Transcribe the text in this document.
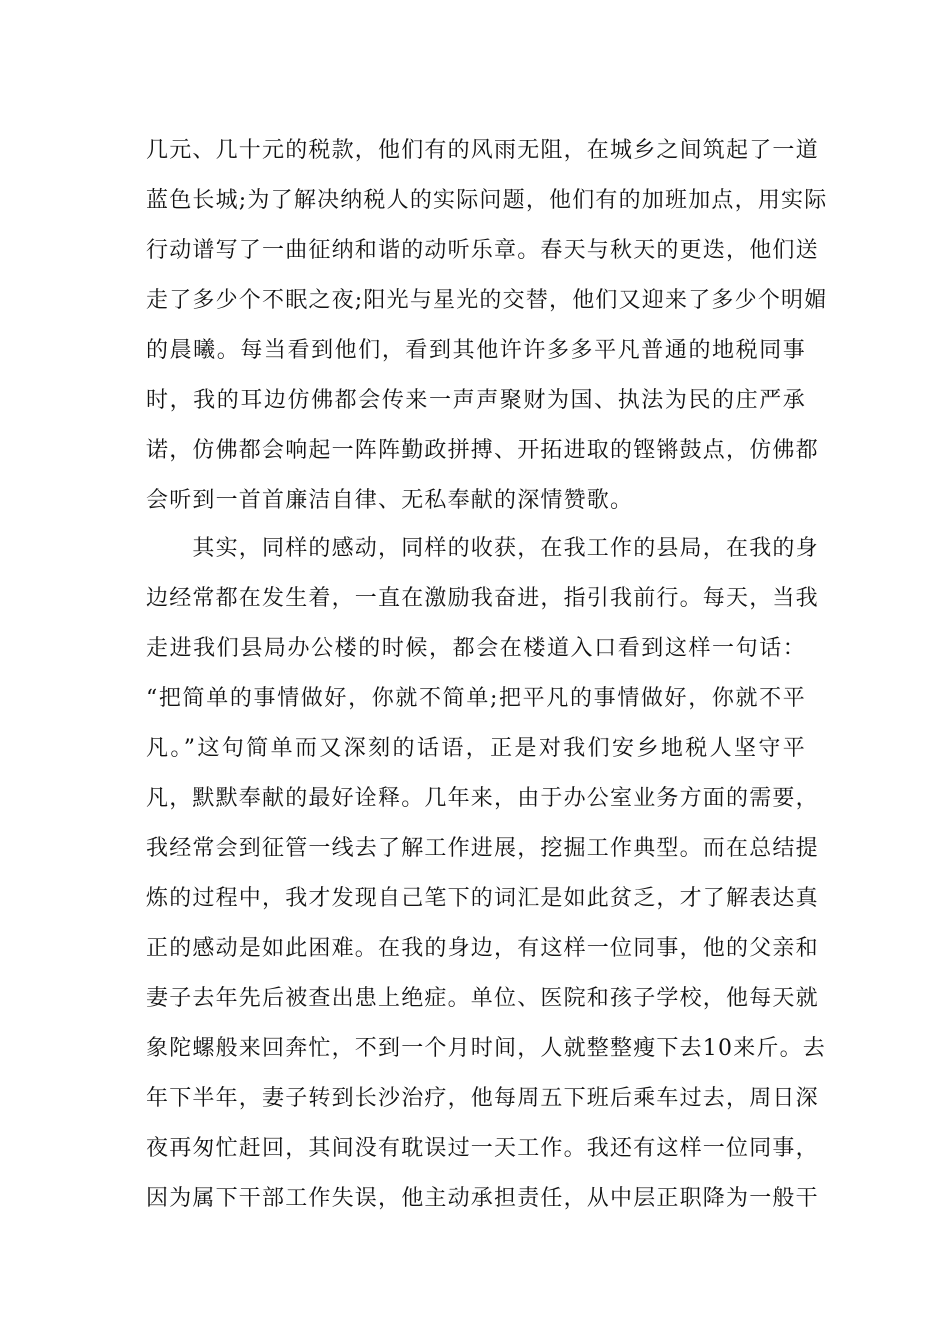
几元、几十元的税款，他们有的风雨无阻，在城乡之间筑起了一道
蓝色长城;为了解决纳税人的实际问题，他们有的加班加点，用实际
行动谱写了一曲征纳和谐的动听乐章。春天与秋天的更迭，他们送
走了多少个不眠之夜;阳光与星光的交替，他们又迎来了多少个明媚
的晨曦。每当看到他们，看到其他许许多多平凡普通的地税同事
时，我的耳边仿佛都会传来一声声聚财为国、执法为民的庄严承
诺，仿佛都会响起一阵阵勤政拼搏、开拓进取的铿锵鼓点，仿佛都
会听到一首首廉洁自律、无私奉献的深情赞歌。
　　其实，同样的感动，同样的收获，在我工作的县局，在我的身
边经常都在发生着，一直在激励我奋进，指引我前行。每天，当我
走进我们县局办公楼的时候，都会在楼道入口看到这样一句话：
“把简单的事情做好，你就不简单;把平凡的事情做好，你就不平
凡。”这句简单而又深刻的话语，正是对我们安乡地税人坚守平
凡，默默奉献的最好诠释。几年来，由于办公室业务方面的需要，
我经常会到征管一线去了解工作进展，挖掘工作典型。而在总结提
炼的过程中，我才发现自己笔下的词汇是如此贫乏，才了解表达真
正的感动是如此困难。在我的身边，有这样一位同事，他的父亲和
妻子去年先后被查出患上绝症。单位、医院和孩子学校，他每天就
象陀螺般来回奔忙，不到一个月时间，人就整整瘦下去10来斤。去
年下半年，妻子转到长沙治疗，他每周五下班后乘车过去，周日深
夜再匆忙赶回，其间没有耽误过一天工作。我还有这样一位同事，
因为属下干部工作失误，他主动承担责任，从中层正职降为一般干
